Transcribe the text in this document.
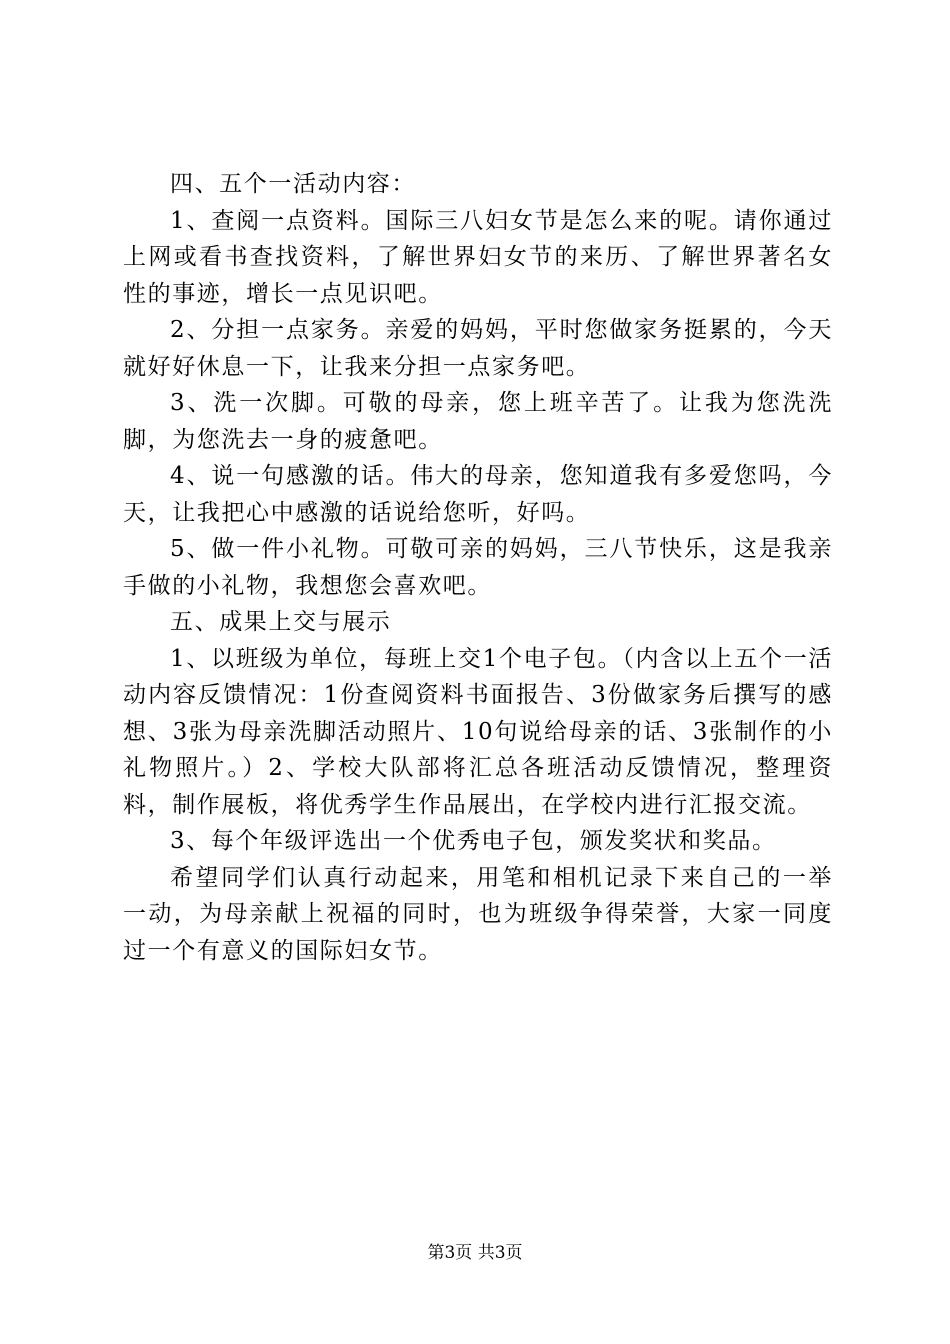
四、五个一活动内容：

1、查阅一点资料。国际三八妇女节是怎么来的呢。请你通过上网或看书查找资料，了解世界妇女节的来历、了解世界著名女性的事迹，增长一点见识吧。

2、分担一点家务。亲爱的妈妈，平时您做家务挺累的，今天就好好休息一下，让我来分担一点家务吧。

3、洗一次脚。可敬的母亲，您上班辛苦了。让我为您洗洗脚，为您洗去一身的疲惫吧。

4、说一句感激的话。伟大的母亲，您知道我有多爱您吗，今天，让我把心中感激的话说给您听，好吗。

5、做一件小礼物。可敬可亲的妈妈，三八节快乐，这是我亲手做的小礼物，我想您会喜欢吧。

五、成果上交与展示

1、以班级为单位，每班上交1个电子包。（内含以上五个一活动内容反馈情况：1份查阅资料书面报告、3份做家务后撰写的感想、3张为母亲洗脚活动照片、10句说给母亲的话、3张制作的小礼物照片。）2、学校大队部将汇总各班活动反馈情况，整理资料，制作展板，将优秀学生作品展出，在学校内进行汇报交流。

3、每个年级评选出一个优秀电子包，颁发奖状和奖品。

希望同学们认真行动起来，用笔和相机记录下来自己的一举一动，为母亲献上祝福的同时，也为班级争得荣誉，大家一同度过一个有意义的国际妇女节。

第3页 共3页
